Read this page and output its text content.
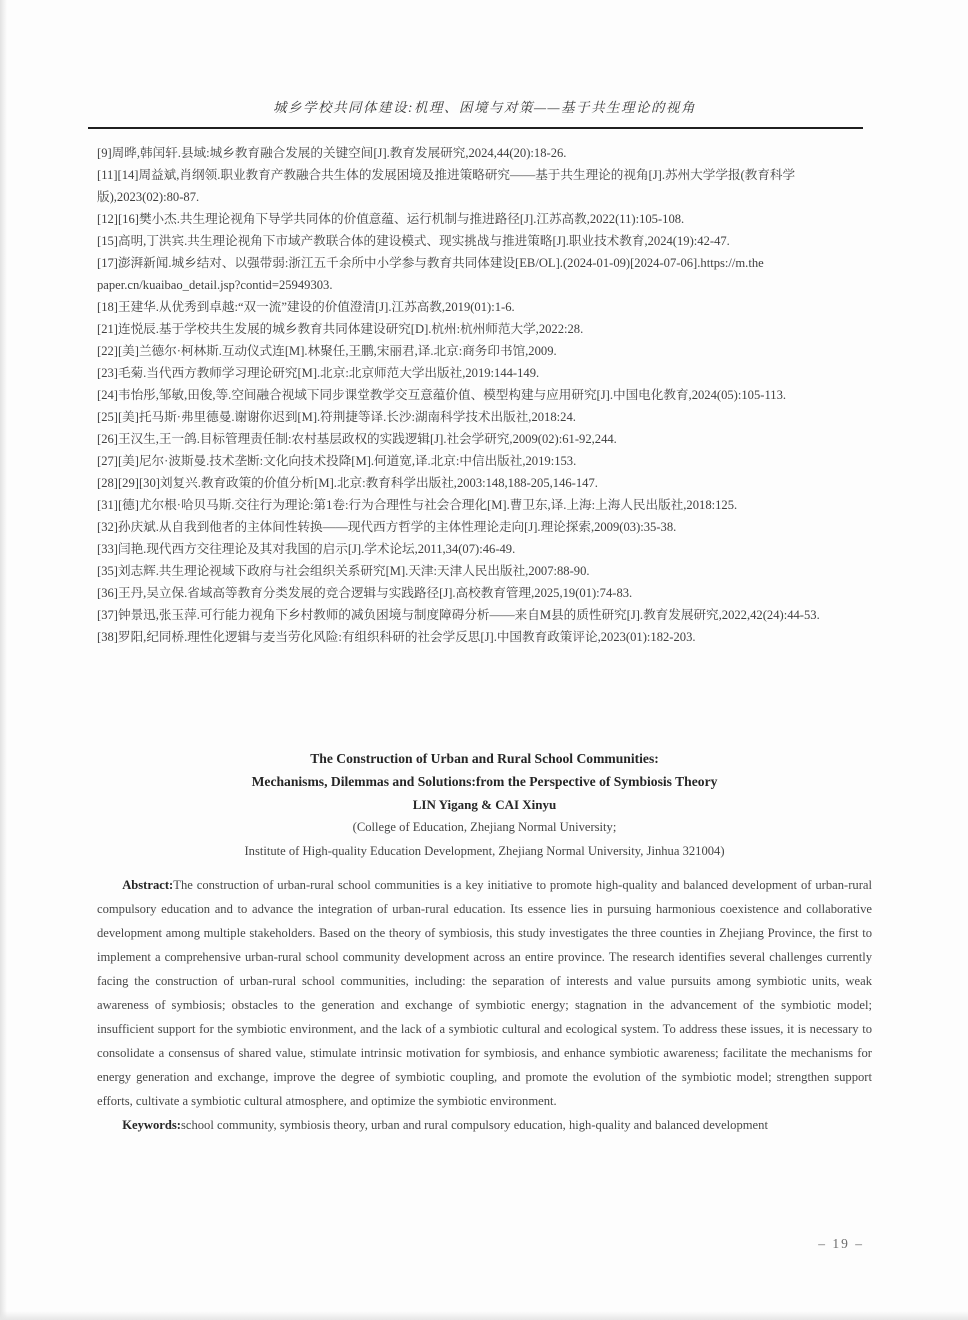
城乡学校共同体建设:机理、困境与对策——基于共生理论的视角

[9]周晔,韩闰轩.县域:城乡教育融合发展的关键空间[J].教育发展研究,2024,44(20):18-26.

[11][14]周益斌,肖纲领.职业教育产教融合共生体的发展困境及推进策略研究——基于共生理论的视角[J].苏州大学学报(教育科学版),2023(02):80-87.

[12][16]樊小杰.共生理论视角下导学共同体的价值意蕴、运行机制与推进路径[J].江苏高教,2022(11):105-108.

[15]高明,丁洪宾.共生理论视角下市域产教联合体的建设模式、现实挑战与推进策略[J].职业技术教育,2024(19):42-47.

[17]澎湃新闻.城乡结对、以强带弱:浙江五千余所中小学参与教育共同体建设[EB/OL].(2024-01-09)[2024-07-06].https://m.the paper.cn/kuaibao_detail.jsp?contid=25949303.

[18]王建华.从优秀到卓越:“双一流”建设的价值澄清[J].江苏高教,2019(01):1-6.

[21]连悦辰.基于学校共生发展的城乡教育共同体建设研究[D].杭州:杭州师范大学,2022:28.

[22][美]兰德尔·柯林斯.互动仪式连[M].林聚任,王鹏,宋丽君,译.北京:商务印书馆,2009.

[23]毛菊.当代西方教师学习理论研究[M].北京:北京师范大学出版社,2019:144-149.

[24]韦怡彤,邹敏,田俊,等.空间融合视域下同步课堂教学交互意蕴价值、模型构建与应用研究[J].中国电化教育,2024(05):105-113.

[25][美]托马斯·弗里德曼.谢谢你迟到[M].符荆捷等译.长沙:湖南科学技术出版社,2018:24.

[26]王汉生,王一鸽.目标管理责任制:农村基层政权的实践逻辑[J].社会学研究,2009(02):61-92,244.

[27][美]尼尔·波斯曼.技术垄断:文化向技术投降[M].何道宽,译.北京:中信出版社,2019:153.

[28][29][30]刘复兴.教育政策的价值分析[M].北京:教育科学出版社,2003:148,188-205,146-147.

[31][德]尤尔根·哈贝马斯.交往行为理论:第1卷:行为合理性与社会合理化[M].曹卫东,译.上海:上海人民出版社,2018:125.

[32]孙庆斌.从自我到他者的主体间性转换——现代西方哲学的主体性理论走向[J].理论探索,2009(03):35-38.

[33]闫艳.现代西方交往理论及其对我国的启示[J].学术论坛,2011,34(07):46-49.

[35]刘志辉.共生理论视域下政府与社会组织关系研究[M].天津:天津人民出版社,2007:88-90.

[36]王丹,吴立保.省域高等教育分类发展的竞合逻辑与实践路径[J].高校教育管理,2025,19(01):74-83.

[37]钟景迅,张玉萍.可行能力视角下乡村教师的减负困境与制度障碍分析——来自M县的质性研究[J].教育发展研究,2022,42(24):44-53.

[38]罗阳,纪同桥.理性化逻辑与麦当劳化风险:有组织科研的社会学反思[J].中国教育政策评论,2023(01):182-203.

The Construction of Urban and Rural School Communities:
Mechanisms, Dilemmas and Solutions:from the Perspective of Symbiosis Theory
LIN Yigang & CAI Xinyu
(College of Education, Zhejiang Normal University;
Institute of High-quality Education Development, Zhejiang Normal University, Jinhua 321004)

Abstract:The construction of urban-rural school communities is a key initiative to promote high-quality and balanced development of urban-rural compulsory education and to advance the integration of urban-rural education. Its essence lies in pursuing harmonious coexistence and collaborative development among multiple stakeholders. Based on the theory of symbiosis, this study investigates the three counties in Zhejiang Province, the first to implement a comprehensive urban-rural school community development across an entire province. The research identifies several challenges currently facing the construction of urban-rural school communities, including: the separation of interests and value pursuits among symbiotic units, weak awareness of symbiosis; obstacles to the generation and exchange of symbiotic energy; stagnation in the advancement of the symbiotic model; insufficient support for the symbiotic environment, and the lack of a symbiotic cultural and ecological system. To address these issues, it is necessary to consolidate a consensus of shared value, stimulate intrinsic motivation for symbiosis, and enhance symbiotic awareness; facilitate the mechanisms for energy generation and exchange, improve the degree of symbiotic coupling, and promote the evolution of the symbiotic model; strengthen support efforts, cultivate a symbiotic cultural atmosphere, and optimize the symbiotic environment.

Keywords:school community, symbiosis theory, urban and rural compulsory education, high-quality and balanced development

– 19 –
